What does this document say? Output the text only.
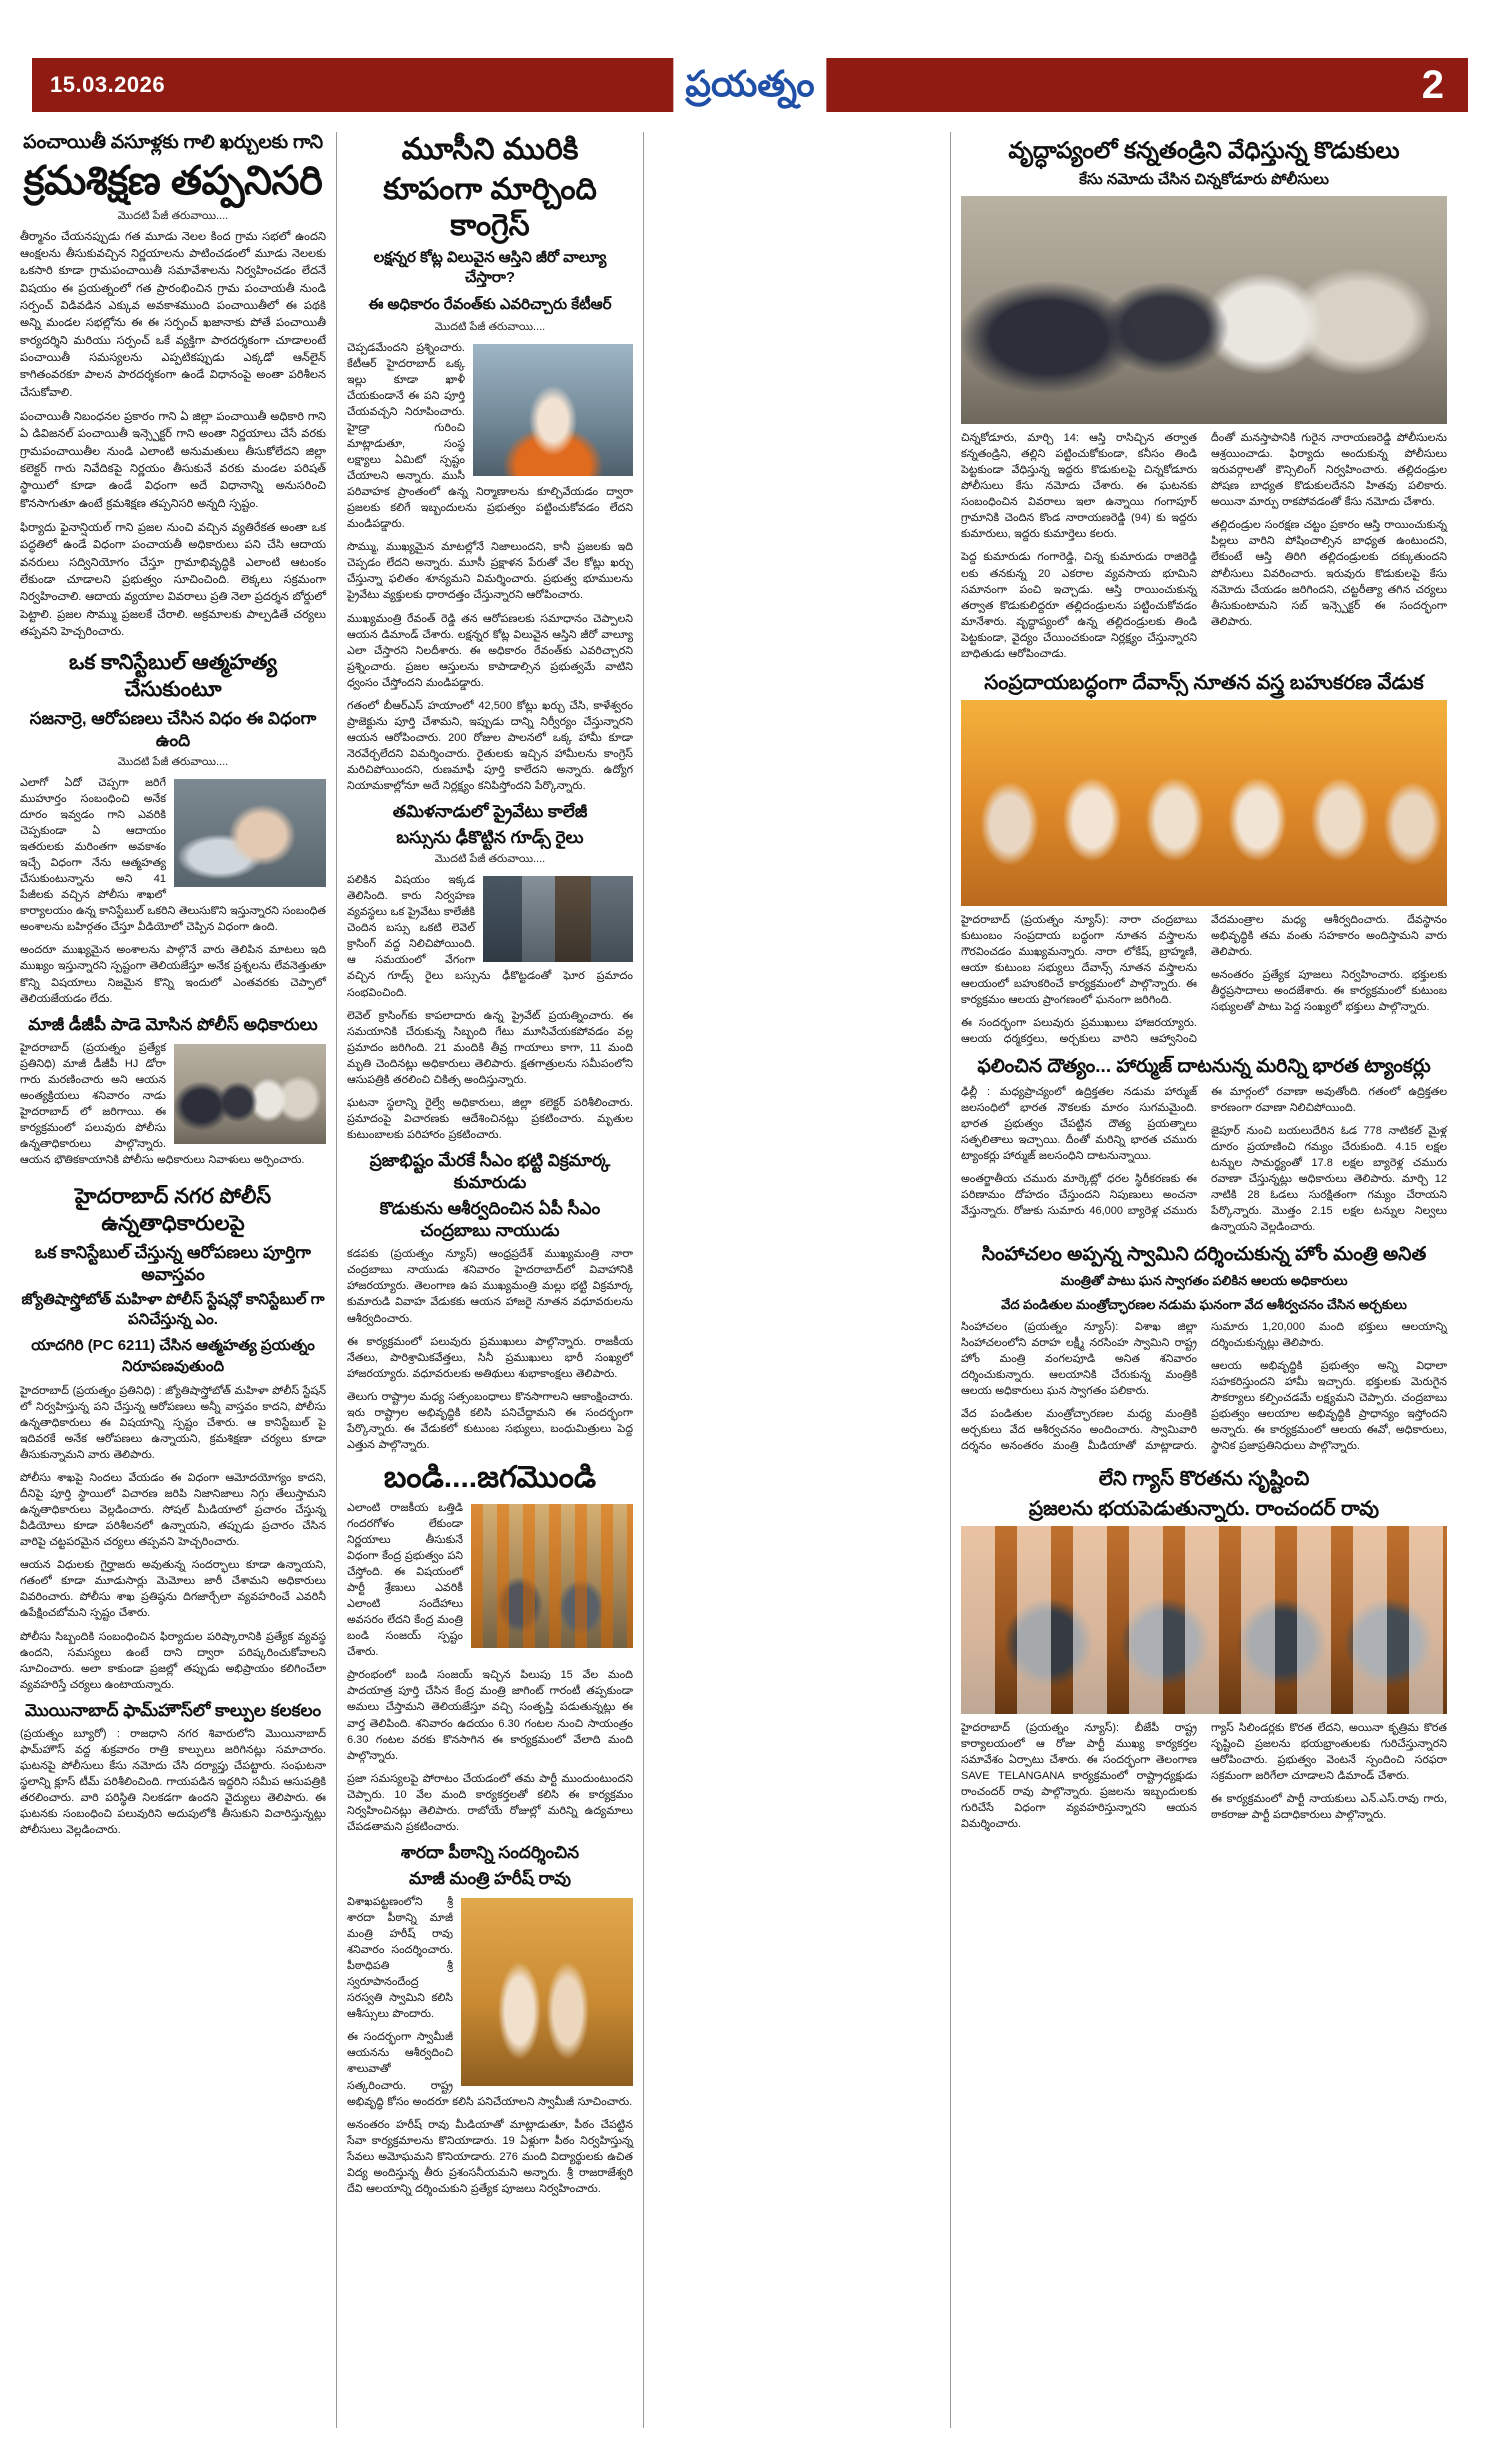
15.03.2026	ప్రయత్నం	2
పంచాయితీ వసూళ్లకు గాలి ఖర్చులకు గాని
క్రమశిక్షణ తప్పనిసరి
మొదటి పేజీ తరువాయి....
తీర్మానం చేయనప్పుడు గత మూడు నెలల కింద గ్రామ సభలో ఉందని ఆంక్షలను తీసుకువచ్చిన నిర్ణయాలను పాటించడంలో మూడు నెలలకు ఒకసారి కూడా గ్రామపంచాయితీ సమావేశాలను నిర్వహించడం లేదనే విషయం ఈ ప్రయత్నంలో గత ప్రారంభించిన గ్రామ పంచాయతీ నుండి సర్పంచ్ విడివడిన ఎక్కువ అవకాశముంది పంచాయితీలో ఈ పథకి అన్ని మండల సభల్లోను ఈ ఈ సర్పంచ్ ఖజానాకు పోతే పంచాయితీ కార్యదర్శిని మరియు సర్పంచ్ ఒకే వ్యక్తిగా పారదర్శకంగా చూడాలంటే పంచాయితీ సమస్యలను ఎప్పటికప్పుడు ఎక్కడో ఆన్‌లైన్ కాగితంవరకూ పాలన పారదర్శకంగా ఉండే విధానంపై అంతా పరిశీలన చేసుకోవాలి.
పంచాయితీ నిబంధనల ప్రకారం గాని ఏ జిల్లా పంచాయితీ అధికారి గాని ఏ డివిజనల్ పంచాయితీ ఇన్స్పెక్టర్ గాని అంతా నిర్ణయాలు చేసే వరకు గ్రామపంచాయితీల నుండి ఎలాంటి అనుమతులు తీసుకోలేదని జిల్లా కలెక్టర్ గారు నివేదికపై నిర్ణయం తీసుకునే వరకు మండల పరిషత్ స్థాయిలో కూడా ఉండే విధంగా అదే విధానాన్ని అనుసరించి కొనసాగుతూ ఉంటే క్రమశిక్షణ తప్పనిసరి అన్నది స్పష్టం.
ఫిర్యాదు ఫైనాన్షియల్ గాని ప్రజల నుంచి వచ్చిన వ్యతిరేకత అంతా ఒక పద్ధతిలో ఉండే విధంగా పంచాయతీ అధికారులు పని చేసి ఆదాయ వనరులు సద్వినియోగం చేస్తూ గ్రామాభివృద్ధికి ఎలాంటి ఆటంకం లేకుండా చూడాలని ప్రభుత్వం సూచించింది. లెక్కలు సక్రమంగా నిర్వహించాలి. ఆదాయ వ్యయాల వివరాలు ప్రతి నెలా ప్రదర్శన బోర్డులో పెట్టాలి. ప్రజల సొమ్ము ప్రజలకే చేరాలి. అక్రమాలకు పాల్పడితే చర్యలు తప్పవని హెచ్చరించారు.
ఒక కానిస్టేబుల్ ఆత్మహత్య చేసుకుంటూ
సజనార్రె, ఆరోపణలు చేసిన విధం ఈ విధంగా ఉంది
మొదటి పేజీ తరువాయి....
ఎలాగో ఏదో చెప్పగా జరిగే ముహూర్తం సంబంధించి అనేక దూరం ఇవ్వడం గాని ఎవరికి చెప్పకుండా ఏ ఆదాయం ఇతరులకు మరింతగా అవకాశం ఇచ్చే విధంగా నేను ఆత్మహత్య చేసుకుంటున్నాను అని 41 పేజీలకు వచ్చిన పోలీసు శాఖలో కార్యాలయం ఉన్న కానిస్టేబుల్ ఒకరిని తెలుసుకొని ఇస్తున్నారని సంబంధిత అంశాలను బహిర్గతం చేస్తూ వీడియోలో చెప్పిన విధంగా ఉంది.
అందరూ ముఖ్యమైన అంశాలను పాల్గొనే వారు తెలిపిన మాటలు ఇది ముఖ్యం ఇస్తున్నారని స్పష్టంగా తెలియజేస్తూ అనేక ప్రశ్నలను లేవనెత్తుతూ కొన్ని విషయాలు నిజమైన కొన్ని ఇందులో ఎంతవరకు చెప్పాలో తెలియజేయడం లేదు.
మాజీ డీజీపీ పాడె మోసిన పోలీస్ అధికారులు
హైదరాబాద్ (ప్రయత్నం ప్రత్యేక ప్రతినిధి) మాజీ డీజీపీ HJ డోరా గారు మరణించారు అని ఆయన అంత్యక్రియలు శనివారం నాడు హైదరాబాద్ లో జరిగాయి. ఈ కార్యక్రమంలో పలువురు పోలీసు ఉన్నతాధికారులు పాల్గొన్నారు. ఆయన భౌతికకాయానికి పోలీసు అధికారులు నివాళులు అర్పించారు.
హైదరాబాద్ నగర పోలీస్ ఉన్నతాధికారులపై
ఒక కానిస్టేబుల్ చేస్తున్న ఆరోపణలు పూర్తిగా అవాస్తవం
జ్యోతిషాస్త్రోబోత్ మహిళా పోలీస్ స్టేషన్లో కానిస్టేబుల్ గా పనిచేస్తున్న ఎం.
యాదగిరి (PC 6211) చేసిన ఆత్మహత్య ప్రయత్నం నిరూపణవుతుంది
హైదరాబాద్ (ప్రయత్నం ప్రతినిధి) : జ్యోతిషాస్త్రోబోత్ మహిళా పోలీస్ స్టేషన్ లో నిర్వహిస్తున్న పని చేస్తున్న ఆరోపణలు అన్నీ వాస్తవం కాదని, పోలీసు ఉన్నతాధికారులు ఈ విషయాన్ని స్పష్టం చేశారు. ఆ కానిస్టేబుల్ పై ఇదివరకే అనేక ఆరోపణలు ఉన్నాయని, క్రమశిక్షణా చర్యలు కూడా తీసుకున్నామని వారు తెలిపారు.
పోలీసు శాఖపై నిందలు వేయడం ఈ విధంగా ఆమోదయోగ్యం కాదని, దీనిపై పూర్తి స్థాయిలో విచారణ జరిపి నిజానిజాలు నిగ్గు తేలుస్తామని ఉన్నతాధికారులు వెల్లడించారు. సోషల్ మీడియాలో ప్రచారం చేస్తున్న వీడియోలు కూడా పరిశీలనలో ఉన్నాయని, తప్పుడు ప్రచారం చేసిన వారిపై చట్టపరమైన చర్యలు తప్పవని హెచ్చరించారు.
ఆయన విధులకు గైర్హాజరు అవుతున్న సందర్భాలు కూడా ఉన్నాయని, గతంలో కూడా మూడుసార్లు మెమోలు జారీ చేశామని అధికారులు వివరించారు. పోలీసు శాఖ ప్రతిష్ఠను దిగజార్చేలా వ్యవహరించే ఎవరినీ ఉపేక్షించబోమని స్పష్టం చేశారు.
పోలీసు సిబ్బందికి సంబంధించిన ఫిర్యాదుల పరిష్కారానికి ప్రత్యేక వ్యవస్థ ఉందని, సమస్యలు ఉంటే దాని ద్వారా పరిష్కరించుకోవాలని సూచించారు. అలా కాకుండా ప్రజల్లో తప్పుడు అభిప్రాయం కలిగించేలా వ్యవహరిస్తే చర్యలు ఉంటాయన్నారు.
మొయినాబాద్ ఫామ్‌హౌస్‌లో కాల్పుల కలకలం
(ప్రయత్నం బ్యూరో) : రాజధాని నగర శివారులోని మొయినాబాద్ ఫామ్‌హౌస్ వద్ద శుక్రవారం రాత్రి కాల్పులు జరిగినట్లు సమాచారం. ఘటనపై పోలీసులు కేసు నమోదు చేసి దర్యాప్తు చేపట్టారు. సంఘటనా స్థలాన్ని క్లూస్ టీమ్ పరిశీలించింది. గాయపడిన ఇద్దరిని సమీప ఆసుపత్రికి తరలించారు. వారి పరిస్థితి నిలకడగా ఉందని వైద్యులు తెలిపారు. ఈ ఘటనకు సంబంధించి పలువురిని అదుపులోకి తీసుకుని విచారిస్తున్నట్లు పోలీసులు వెల్లడించారు.
మూసీని మురికి
కూపంగా మార్చింది కాంగ్రెస్
లక్షన్నర కోట్ల విలువైన ఆస్తిని జీరో వాల్యూ చేస్తారా?
ఈ అధికారం రేవంత్‌కు ఎవరిచ్చారు కేటీఆర్
మొదటి పేజీ తరువాయి....
చెప్పడమేందని ప్రశ్నించారు. కేటీఆర్ హైదరాబాద్ ఒక్క ఇల్లు కూడా ఖాళీ చేయకుండానే ఈ పని పూర్తి చేయవచ్చని నిరూపించారు. హైడ్రా గురించి మాట్లాడుతూ, సంస్థ లక్ష్యాలు ఏమిటో స్పష్టం చేయాలని అన్నారు. ముసీ పరివాహక ప్రాంతంలో ఉన్న నిర్మాణాలను కూల్చివేయడం ద్వారా ప్రజలకు కలిగే ఇబ్బందులను ప్రభుత్వం పట్టించుకోవడం లేదని మండిపడ్డారు.
సొమ్ము, ముఖ్యమైన మాటల్లోనే నిజాలుందని, కానీ ప్రజలకు ఇది చెప్పడం లేదని అన్నారు. మూసీ ప్రక్షాళన పేరుతో వేల కోట్లు ఖర్చు చేస్తున్నా ఫలితం శూన్యమని విమర్శించారు. ప్రభుత్వ భూములను ప్రైవేటు వ్యక్తులకు ధారాదత్తం చేస్తున్నారని ఆరోపించారు.
ముఖ్యమంత్రి రేవంత్ రెడ్డి తన ఆరోపణలకు సమాధానం చెప్పాలని ఆయన డిమాండ్ చేశారు. లక్షన్నర కోట్ల విలువైన ఆస్తిని జీరో వాల్యూ ఎలా చేస్తారని నిలదీశారు. ఈ అధికారం రేవంత్‌కు ఎవరిచ్చారని ప్రశ్నించారు. ప్రజల ఆస్తులను కాపాడాల్సిన ప్రభుత్వమే వాటిని ధ్వంసం చేస్తోందని మండిపడ్డారు.
గతంలో బీఆర్ఎస్ హయాంలో 42,500 కోట్లు ఖర్చు చేసి, కాళేశ్వరం ప్రాజెక్టును పూర్తి చేశామని, ఇప్పుడు దాన్ని నిర్వీర్యం చేస్తున్నారని ఆయన ఆరోపించారు. 200 రోజుల పాలనలో ఒక్క హామీ కూడా నెరవేర్చలేదని విమర్శించారు. రైతులకు ఇచ్చిన హామీలను కాంగ్రెస్ మరిచిపోయిందని, రుణమాఫీ పూర్తి కాలేదని అన్నారు. ఉద్యోగ నియామకాల్లోనూ అదే నిర్లక్ష్యం కనిపిస్తోందని పేర్కొన్నారు.
తమిళనాడులో ప్రైవేటు కాలేజీ
బస్సును ఢీకొట్టిన గూడ్స్ రైలు
మొదటి పేజీ తరువాయి....
పలికిన విషయం ఇక్కడ తెలిసింది. కారు నిర్వహణ వ్యవస్థలు ఒక ప్రైవేటు కాలేజీకి చెందిన బస్సు ఒకటి లెవెల్ క్రాసింగ్ వద్ద నిలిచిపోయింది. ఆ సమయంలో వేగంగా వచ్చిన గూడ్స్ రైలు బస్సును ఢీకొట్టడంతో ఘోర ప్రమాదం సంభవించింది.
లెవెల్ క్రాసింగ్‌కు కాపలాదారు ఉన్న ప్రైవేట్ ప్రయత్నించారు. ఈ సమయానికి చేరుకున్న సిబ్బంది గేటు మూసివేయకపోవడం వల్ల ప్రమాదం జరిగింది. 21 మందికి తీవ్ర గాయాలు కాగా, 11 మంది మృతి చెందినట్లు అధికారులు తెలిపారు. క్షతగాత్రులను సమీపంలోని ఆసుపత్రికి తరలించి చికిత్స అందిస్తున్నారు.
ఘటనా స్థలాన్ని రైల్వే అధికారులు, జిల్లా కలెక్టర్ పరిశీలించారు. ప్రమాదంపై విచారణకు ఆదేశించినట్లు ప్రకటించారు. మృతుల కుటుంబాలకు పరిహారం ప్రకటించారు.
ప్రజాభిష్టం మేరకే సీఎం భట్టి విక్రమార్క కుమారుడు
కొడుకును ఆశీర్వదించిన ఏపీ సీఎం చంద్రబాబు నాయుడు
కడపకు (ప్రయత్నం న్యూస్) ఆంధ్రప్రదేశ్ ముఖ్యమంత్రి నారా చంద్రబాబు నాయుడు శనివారం హైదరాబాద్‌లో వివాహానికి హాజరయ్యారు. తెలంగాణ ఉప ముఖ్యమంత్రి మల్లు భట్టి విక్రమార్క కుమారుడి వివాహ వేడుకకు ఆయన హాజరై నూతన వధూవరులను ఆశీర్వదించారు.
ఈ కార్యక్రమంలో పలువురు ప్రముఖులు పాల్గొన్నారు. రాజకీయ నేతలు, పారిశ్రామికవేత్తలు, సినీ ప్రముఖులు భారీ సంఖ్యలో హాజరయ్యారు. వధూవరులకు అతిథులు శుభాకాంక్షలు తెలిపారు.
తెలుగు రాష్ట్రాల మధ్య సత్సంబంధాలు కొనసాగాలని ఆకాంక్షించారు. ఇరు రాష్ట్రాల అభివృద్ధికి కలిసి పనిచేద్దామని ఈ సందర్భంగా పేర్కొన్నారు. ఈ వేడుకలో కుటుంబ సభ్యులు, బంధుమిత్రులు పెద్ద ఎత్తున పాల్గొన్నారు.
బండి....జగమొండి
ఎలాంటి రాజకీయ ఒత్తిడి గందరగోళం లేకుండా నిర్ణయాలు తీసుకునే విధంగా కేంద్ర ప్రభుత్వం పని చేస్తోంది. ఈ విషయంలో పార్టీ శ్రేణులు ఎవరికీ ఎలాంటి సందేహాలు అవసరం లేదని కేంద్ర మంత్రి బండి సంజయ్ స్పష్టం చేశారు.
ప్రారంభంలో బండి సంజయ్ ఇచ్చిన పిలుపు 15 వేల మంది పాదయాత్ర పూర్తి చేసిన కేంద్ర మంత్రి జాగింట్ గారంటీ తప్పకుండా అమలు చేస్తామని తెలియజేస్తూ వచ్చి సంతృప్తి పడుతున్నట్లు ఈ వార్త తెలిపింది. శనివారం ఉదయం 6.30 గంటల నుంచి సాయంత్రం 6.30 గంటల వరకు కొనసాగిన ఈ కార్యక్రమంలో వేలాది మంది పాల్గొన్నారు.
ప్రజా సమస్యలపై పోరాటం చేయడంలో తమ పార్టీ ముందుంటుందని చెప్పారు. 10 వేల మంది కార్యకర్తలతో కలిసి ఈ కార్యక్రమం నిర్వహించినట్లు తెలిపారు. రాబోయే రోజుల్లో మరిన్ని ఉద్యమాలు చేపడతామని ప్రకటించారు.
శారదా పీఠాన్ని సందర్శించిన
మాజీ మంత్రి హరీష్ రావు
విశాఖపట్టణంలోని శ్రీ శారదా పీఠాన్ని మాజీ మంత్రి హరీష్ రావు శనివారం సందర్శించారు. పీఠాధిపతి శ్రీ స్వరూపానందేంద్ర సరస్వతి స్వామిని కలిసి ఆశీస్సులు పొందారు.
ఈ సందర్భంగా స్వామీజీ ఆయనను ఆశీర్వదించి శాలువాతో సత్కరించారు. రాష్ట్ర అభివృద్ధి కోసం అందరూ కలిసి పనిచేయాలని స్వామీజీ సూచించారు.
అనంతరం హరీష్ రావు మీడియాతో మాట్లాడుతూ, పీఠం చేపట్టిన సేవా కార్యక్రమాలను కొనియాడారు. 19 ఏళ్లుగా పీఠం నిర్వహిస్తున్న సేవలు అమోఘమని కొనియాడారు. 276 మంది విద్యార్థులకు ఉచిత విద్య అందిస్తున్న తీరు ప్రశంసనీయమని అన్నారు. శ్రీ రాజరాజేశ్వరి దేవి ఆలయాన్ని దర్శించుకుని ప్రత్యేక పూజలు నిర్వహించారు.
వృద్ధాప్యంలో కన్నతండ్రిని వేధిస్తున్న కొడుకులు
కేసు నమోదు చేసిన చిన్నకోడూరు పోలీసులు
చిన్నకోడూరు, మార్చి 14: ఆస్తి రాసిచ్చిన తర్వాత కన్నతండ్రిని, తల్లిని పట్టించుకోకుండా, కనీసం తిండి పెట్టకుండా వేధిస్తున్న ఇద్దరు కొడుకులపై చిన్నకోడూరు పోలీసులు కేసు నమోదు చేశారు. ఈ ఘటనకు సంబంధించిన వివరాలు ఇలా ఉన్నాయి గంగాపూర్ గ్రామానికి చెందిన కొండ నారాయణరెడ్డి (94) కు ఇద్దరు కుమారులు, ఇద్దరు కుమార్తెలు కలరు.
పెద్ద కుమారుడు గంగారెడ్డి, చిన్న కుమారుడు రాజిరెడ్డి లకు తనకున్న 20 ఎకరాల వ్యవసాయ భూమిని సమానంగా పంచి ఇచ్చాడు. ఆస్తి రాయించుకున్న తర్వాత కొడుకులిద్దరూ తల్లిదండ్రులను పట్టించుకోవడం మానేశారు. వృద్ధాప్యంలో ఉన్న తల్లిదండ్రులకు తిండి పెట్టకుండా, వైద్యం చేయించకుండా నిర్లక్ష్యం చేస్తున్నారని బాధితుడు ఆరోపించాడు.
దీంతో మనస్తాపానికి గురైన నారాయణరెడ్డి పోలీసులను ఆశ్రయించాడు. ఫిర్యాదు అందుకున్న పోలీసులు ఇరువర్గాలతో కౌన్సిలింగ్ నిర్వహించారు. తల్లిదండ్రుల పోషణ బాధ్యత కొడుకులదేనని హితవు పలికారు. అయినా మార్పు రాకపోవడంతో కేసు నమోదు చేశారు.
తల్లిదండ్రుల సంరక్షణ చట్టం ప్రకారం ఆస్తి రాయించుకున్న పిల్లలు వారిని పోషించాల్సిన బాధ్యత ఉంటుందని, లేకుంటే ఆస్తి తిరిగి తల్లిదండ్రులకు దక్కుతుందని పోలీసులు వివరించారు. ఇరువురు కొడుకులపై కేసు నమోదు చేయడం జరిగిందని, చట్టరీత్యా తగిన చర్యలు తీసుకుంటామని సబ్ ఇన్స్పెక్టర్ ఈ సందర్భంగా తెలిపారు.
సంప్రదాయబద్ధంగా దేవాన్స్ నూతన వస్త్ర బహుకరణ వేడుక
హైదరాబాద్ (ప్రయత్నం న్యూస్): నారా చంద్రబాబు కుటుంబం సంప్రదాయ బద్ధంగా నూతన వస్త్రాలను గౌరవించడం ముఖ్యమన్నారు. నారా లోకేష్, బ్రాహ్మణి, ఆయా కుటుంబ సభ్యులు దేవాన్స్ నూతన వస్త్రాలను ఆలయంలో బహుకరించే కార్యక్రమంలో పాల్గొన్నారు. ఈ కార్యక్రమం ఆలయ ప్రాంగణంలో ఘనంగా జరిగింది.
ఈ సందర్భంగా పలువురు ప్రముఖులు హాజరయ్యారు. ఆలయ ధర్మకర్తలు, అర్చకులు వారిని ఆహ్వానించి వేదమంత్రాల మధ్య ఆశీర్వదించారు. దేవస్థానం అభివృద్ధికి తమ వంతు సహకారం అందిస్తామని వారు తెలిపారు.
అనంతరం ప్రత్యేక పూజలు నిర్వహించారు. భక్తులకు తీర్థప్రసాదాలు అందజేశారు. ఈ కార్యక్రమంలో కుటుంబ సభ్యులతో పాటు పెద్ద సంఖ్యలో భక్తులు పాల్గొన్నారు.
ఫలించిన దౌత్యం... హార్ముజ్ దాటనున్న మరిన్ని భారత ట్యాంకర్లు
ఢిల్లీ : మధ్యప్రాచ్యంలో ఉద్రిక్తతల నడుమ హార్ముజ్ జలసంధిలో భారత నౌకలకు మారం సుగమమైంది. భారత ప్రభుత్వం చేపట్టిన దౌత్య ప్రయత్నాలు సత్ఫలితాలు ఇచ్చాయి. దీంతో మరిన్ని భారత చమురు ట్యాంకర్లు హార్ముజ్ జలసంధిని దాటనున్నాయి.
అంతర్జాతీయ చమురు మార్కెట్లో ధరల స్థిరీకరణకు ఈ పరిణామం దోహదం చేస్తుందని నిపుణులు అంచనా వేస్తున్నారు. రోజుకు సుమారు 46,000 బ్యారెళ్ల చమురు ఈ మార్గంలో రవాణా అవుతోంది. గతంలో ఉద్రిక్తతల కారణంగా రవాణా నిలిచిపోయింది.
జైపూర్ నుంచి బయలుదేరిన ఓడ 778 నాటికల్ మైళ్ల దూరం ప్రయాణించి గమ్యం చేరుకుంది. 4.15 లక్షల టన్నుల సామర్థ్యంతో 17.8 లక్షల బ్యారెళ్ల చమురు రవాణా చేస్తున్నట్లు అధికారులు తెలిపారు. మార్చి 12 నాటికి 28 ఓడలు సురక్షితంగా గమ్యం చేరాయని పేర్కొన్నారు. మొత్తం 2.15 లక్షల టన్నుల నిల్వలు ఉన్నాయని వెల్లడించారు.
సింహాచలం అప్పన్న స్వామిని దర్శించుకున్న హోం మంత్రి అనిత
మంత్రితో పాటు ఘన స్వాగతం పలికిన ఆలయ అధికారులు
వేద పండితుల మంత్రోచ్ఛారణల నడుమ ఘనంగా వేద ఆశీర్వచనం చేసిన అర్చకులు
సింహాచలం (ప్రయత్నం న్యూస్): విశాఖ జిల్లా సింహాచలంలోని వరాహ లక్ష్మీ నరసింహ స్వామిని రాష్ట్ర హోం మంత్రి వంగలపూడి అనిత శనివారం దర్శించుకున్నారు. ఆలయానికి చేరుకున్న మంత్రికి ఆలయ అధికారులు ఘన స్వాగతం పలికారు.
వేద పండితుల మంత్రోచ్ఛారణల మధ్య మంత్రికి అర్చకులు వేద ఆశీర్వచనం అందించారు. స్వామివారి దర్శనం అనంతరం మంత్రి మీడియాతో మాట్లాడారు. సుమారు 1,20,000 మంది భక్తులు ఆలయాన్ని దర్శించుకున్నట్లు తెలిపారు.
ఆలయ అభివృద్ధికి ప్రభుత్వం అన్ని విధాలా సహకరిస్తుందని హామీ ఇచ్చారు. భక్తులకు మెరుగైన సౌకర్యాలు కల్పించడమే లక్ష్యమని చెప్పారు. చంద్రబాబు ప్రభుత్వం ఆలయాల అభివృద్ధికి ప్రాధాన్యం ఇస్తోందని అన్నారు. ఈ కార్యక్రమంలో ఆలయ ఈవో, అధికారులు, స్థానిక ప్రజాప్రతినిధులు పాల్గొన్నారు.
లేని గ్యాస్ కొరతను సృష్టించి
ప్రజలను భయపెడుతున్నారు. రాంచందర్ రావు
హైదరాబాద్ (ప్రయత్నం న్యూస్): బీజేపీ రాష్ట్ర కార్యాలయంలో ఆ రోజు పార్టీ ముఖ్య కార్యకర్తల సమావేశం ఏర్పాటు చేశారు. ఈ సందర్భంగా తెలంగాణ SAVE TELANGANA కార్యక్రమంలో రాష్ట్రాధ్యక్షుడు రాంచందర్ రావు పాల్గొన్నారు. ప్రజలను ఇబ్బందులకు గురిచేసే విధంగా వ్యవహరిస్తున్నారని ఆయన విమర్శించారు.
గ్యాస్ సిలిండర్లకు కొరత లేదని, అయినా కృత్రిమ కొరత సృష్టించి ప్రజలను భయభ్రాంతులకు గురిచేస్తున్నారని ఆరోపించారు. ప్రభుత్వం వెంటనే స్పందించి సరఫరా సక్రమంగా జరిగేలా చూడాలని డిమాండ్ చేశారు.
ఈ కార్యక్రమంలో పార్టీ నాయకులు ఎన్.ఎస్.రావు గారు, ఠాకరాజు పార్టీ పదాధికారులు పాల్గొన్నారు.
